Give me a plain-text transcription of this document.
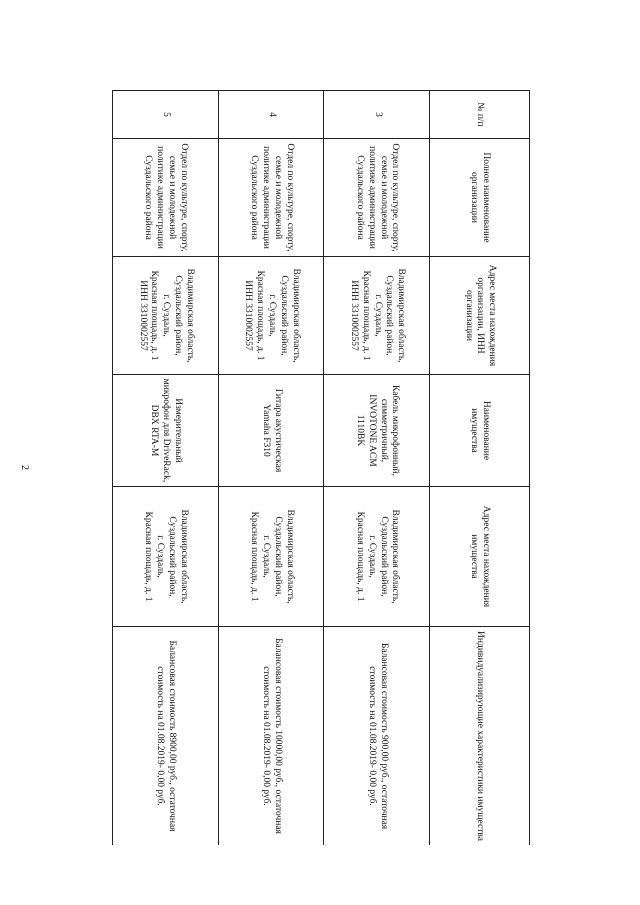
2
№ п/п	Полное наименование организации	Адрес места нахождения организации, ИНН организации	Наименование имущества	Адрес места нахождения имущества	Индивидуализирующие характеристики имущества
3	Отдел по культуре, спорту, семье и молодежной политике администрации Суздальского района	Владимирская область,
Суздальский район,
г. Суздаль,
Красная площадь, д. 1
ИНН 3310002557	Кабель микрофонный, симметричный, INVOTONE ACM 1110BK	Владимирская область,
Суздальский район,
г. Суздаль,
Красная площадь, д. 1	Балансовая стоимость 900,00 руб., остаточная стоимость на 01.08.2019- 0,00 руб.
4	Отдел по культуре, спорту, семье и молодежной политике администрации Суздальского района	Владимирская область,
Суздальский район,
г. Суздаль,
Красная площадь, д. 1
ИНН 3310002557	Гитара акустическая Yamaha F310	Владимирская область,
Суздальский район,
г. Суздаль,
Красная площадь, д. 1	Балансовая стоимость 10000,00 руб., остаточная стоимость на 01.08.2019- 0,00 руб.
5	Отдел по культуре, спорту, семье и молодежной политике администрации Суздальского района	Владимирская область,
Суздальский район,
г. Суздаль,
Красная площадь, д. 1
ИНН 3310002557	Измерительный микрофон для DriveRack, DBX RTA-M	Владимирская область,
Суздальский район,
г. Суздаль,
Красная площадь, д. 1	Балансовая стоимость 8900,00 руб., остаточная стоимость на 01.08.2019- 0,00 руб.
